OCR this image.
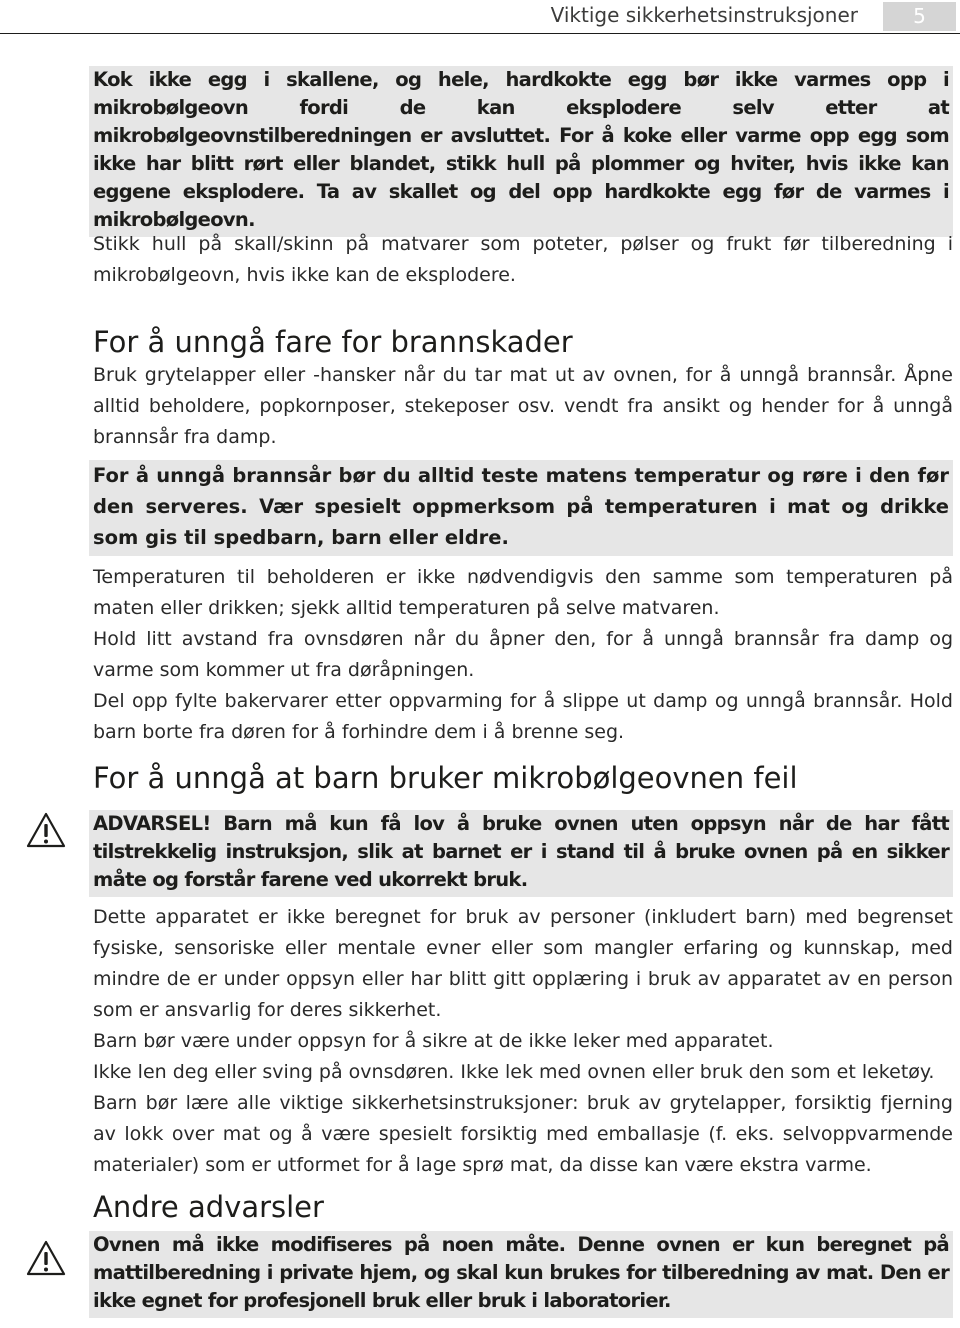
Viktige sikkerhetsinstruksjoner	5
Kok ikke egg i skallene, og hele, hardkokte egg bør ikke varmes opp i mikrobølgeovn fordi de kan eksplodere selv etter at mikrobølgeovnstilberedningen er avsluttet. For å koke eller varme opp egg som ikke har blitt rørt eller blandet, stikk hull på plommer og hviter, hvis ikke kan eggene eksplodere. Ta av skallet og del opp hardkokte egg før de varmes i mikrobølgeovn.
Stikk hull på skall/skinn på matvarer som poteter, pølser og frukt før tilberedning i mikrobølgeovn, hvis ikke kan de eksplodere.
For å unngå fare for brannskader
Bruk grytelapper eller -hansker når du tar mat ut av ovnen, for å unngå brannsår. Åpne alltid beholdere, popkornposer, stekeposer osv. vendt fra ansikt og hender for å unngå brannsår fra damp.
For å unngå brannsår bør du alltid teste matens temperatur og røre i den før den serveres. Vær spesielt oppmerksom på temperaturen i mat og drikke som gis til spedbarn, barn eller eldre.
Temperaturen til beholderen er ikke nødvendigvis den samme som temperaturen på maten eller drikken; sjekk alltid temperaturen på selve matvaren.
Hold litt avstand fra ovnsdøren når du åpner den, for å unngå brannsår fra damp og varme som kommer ut fra døråpningen.
Del opp fylte bakervarer etter oppvarming for å slippe ut damp og unngå brannsår. Hold barn borte fra døren for å forhindre dem i å brenne seg.
For å unngå at barn bruker mikrobølgeovnen feil
ADVARSEL! Barn må kun få lov å bruke ovnen uten oppsyn når de har fått tilstrekkelig instruksjon, slik at barnet er i stand til å bruke ovnen på en sikker måte og forstår farene ved ukorrekt bruk.
Dette apparatet er ikke beregnet for bruk av personer (inkludert barn) med begrenset fysiske, sensoriske eller mentale evner eller som mangler erfaring og kunnskap, med mindre de er under oppsyn eller har blitt gitt opplæring i bruk av apparatet av en person som er ansvarlig for deres sikkerhet.
Barn bør være under oppsyn for å sikre at de ikke leker med apparatet.
Ikke len deg eller sving på ovnsdøren. Ikke lek med ovnen eller bruk den som et leketøy.
Barn bør lære alle viktige sikkerhetsinstruksjoner: bruk av grytelapper, forsiktig fjerning av lokk over mat og å være spesielt forsiktig med emballasje (f. eks. selvoppvarmende materialer) som er utformet for å lage sprø mat, da disse kan være ekstra varme.
Andre advarsler
Ovnen må ikke modifiseres på noen måte. Denne ovnen er kun beregnet på mattilberedning i private hjem, og skal kun brukes for tilberedning av mat. Den er ikke egnet for profesjonell bruk eller bruk i laboratorier.
